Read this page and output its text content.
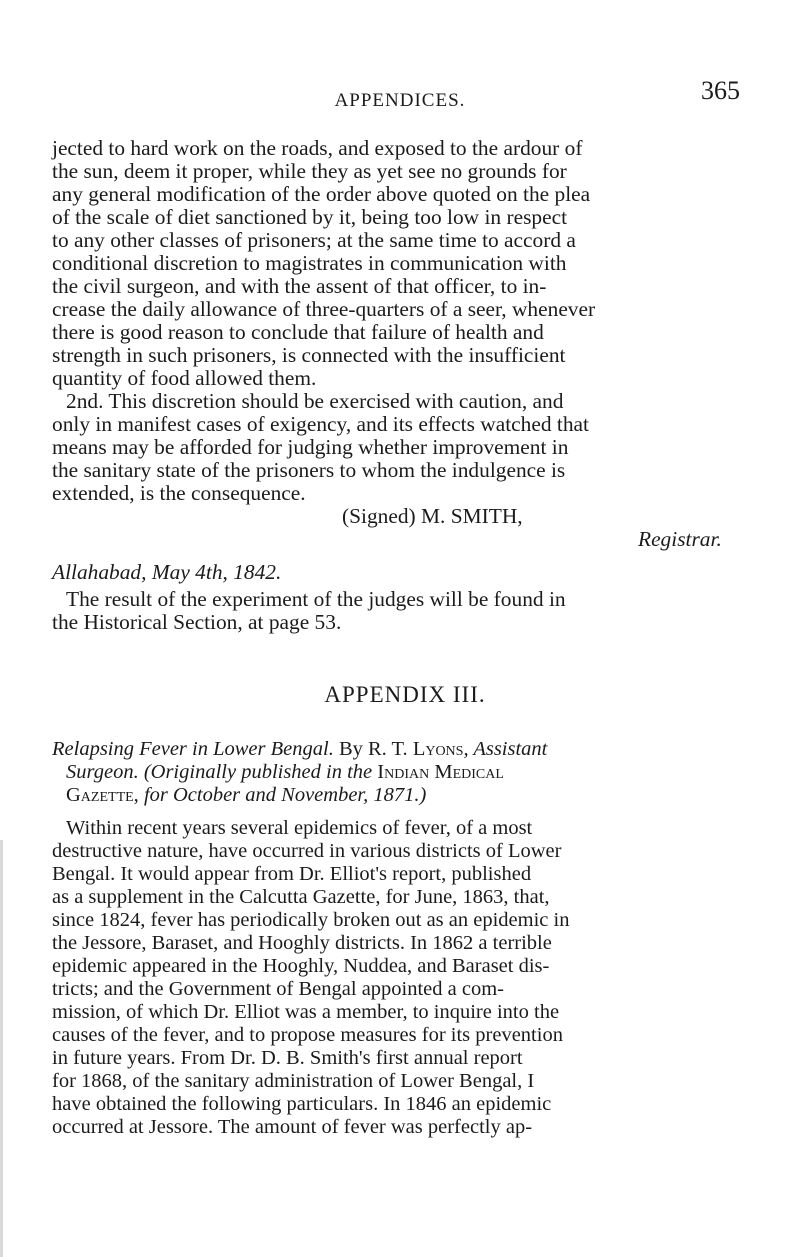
APPENDICES.	365
jected to hard work on the roads, and exposed to the ardour of
the sun, deem it proper, while they as yet see no grounds for
any general modification of the order above quoted on the plea
of the scale of diet sanctioned by it, being too low in respect
to any other classes of prisoners; at the same time to accord a
conditional discretion to magistrates in communication with
the civil surgeon, and with the assent of that officer, to in-
crease the daily allowance of three-quarters of a seer, whenever
there is good reason to conclude that failure of health and
strength in such prisoners, is connected with the insufficient
quantity of food allowed them.
2nd. This discretion should be exercised with caution, and
only in manifest cases of exigency, and its effects watched that
means may be afforded for judging whether improvement in
the sanitary state of the prisoners to whom the indulgence is
extended, is the consequence.
(Signed) M. SMITH,
Registrar.
Allahabad, May 4th, 1842.
The result of the experiment of the judges will be found in
the Historical Section, at page 53.
APPENDIX III.
Relapsing Fever in Lower Bengal. By R. T. Lyons, Assistant
Surgeon. (Originally published in the Indian Medical
Gazette, for October and November, 1871.)
Within recent years several epidemics of fever, of a most
destructive nature, have occurred in various districts of Lower
Bengal. It would appear from Dr. Elliot's report, published
as a supplement in the Calcutta Gazette, for June, 1863, that,
since 1824, fever has periodically broken out as an epidemic in
the Jessore, Baraset, and Hooghly districts. In 1862 a terrible
epidemic appeared in the Hooghly, Nuddea, and Baraset dis-
tricts; and the Government of Bengal appointed a com-
mission, of which Dr. Elliot was a member, to inquire into the
causes of the fever, and to propose measures for its prevention
in future years. From Dr. D. B. Smith's first annual report
for 1868, of the sanitary administration of Lower Bengal, I
have obtained the following particulars. In 1846 an epidemic
occurred at Jessore. The amount of fever was perfectly ap-
